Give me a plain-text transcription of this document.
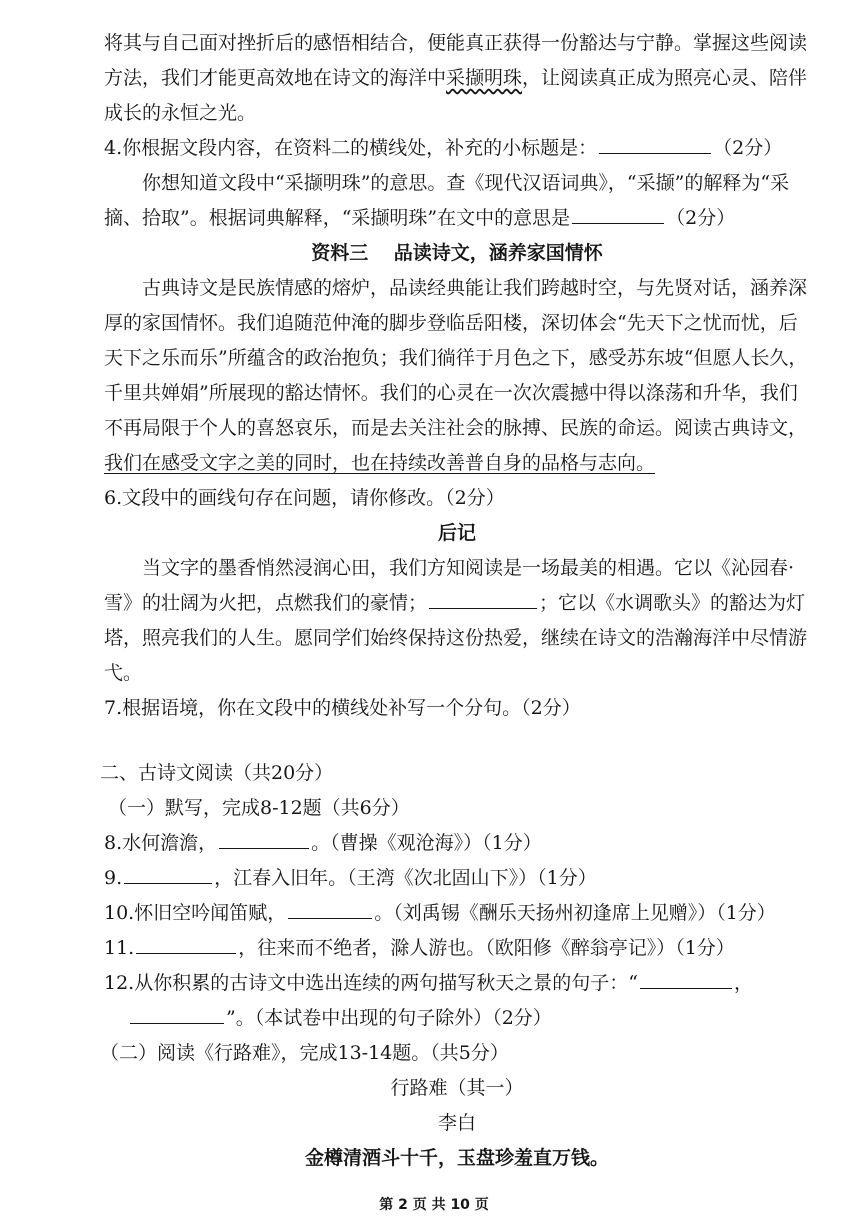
将其与自己面对挫折后的感悟相结合，便能真正获得一份豁达与宁静。掌握这些阅读方法，我们才能更高效地在诗文的海洋中采撷明珠，让阅读真正成为照亮心灵、陪伴成长的永恒之光。

4.你根据文段内容，在资料二的横线处，补充的小标题是：	（2分）

你想知道文段中“采撷明珠”的意思。查《现代汉语词典》，“采撷”的解释为“采摘、拾取”。根据词典解释，“采撷明珠”在文中的意思是	（2分）

资料三　 品读诗文，涵养家国情怀

古典诗文是民族情感的熔炉，品读经典能让我们跨越时空，与先贤对话，涵养深厚的家国情怀。我们追随范仲淹的脚步登临岳阳楼，深切体会“先天下之忧而忧，后天下之乐而乐”所蕴含的政治抱负；我们徜徉于月色之下，感受苏东坡“但愿人长久，千里共婵娟”所展现的豁达情怀。我们的心灵在一次次震撼中得以涤荡和升华，我们不再局限于个人的喜怒哀乐，而是去关注社会的脉搏、民族的命运。阅读古典诗文，我们在感受文字之美的同时，也在持续改善普自身的品格与志向。

6.文段中的画线句存在问题，请你修改。（2分）

后记

当文字的墨香悄然浸润心田，我们方知阅读是一场最美的相遇。它以《沁园春·雪》的壮阔为火把，点燃我们的豪情；	；它以《水调歌头》的豁达为灯塔，照亮我们的人生。愿同学们始终保持这份热爱，继续在诗文的浩瀚海洋中尽情游弋。

7.根据语境，你在文段中的横线处补写一个分句。（2分）

二、古诗文阅读（共20分）

（一）默写，完成8-12题（共6分）

8.水何澹澹，	。（曹操《观沧海》）（1分）

9.	，江春入旧年。（王湾《次北固山下》）（1分）

10.怀旧空吟闻笛赋，	。（刘禹锡《酬乐天扬州初逢席上见赠》）（1分）

11.	，往来而不绝者，滁人游也。（欧阳修《醉翁亭记》）（1分）

12.从你积累的古诗文中选出连续的两句描写秋天之景的句子：“	，
”。（本试卷中出现的句子除外）（2分）

（二）阅读《行路难》，完成13-14题。（共5分）

行路难（其一）

李白

金樽清酒斗十千，玉盘珍羞直万钱。

第 2 页 共 10 页
